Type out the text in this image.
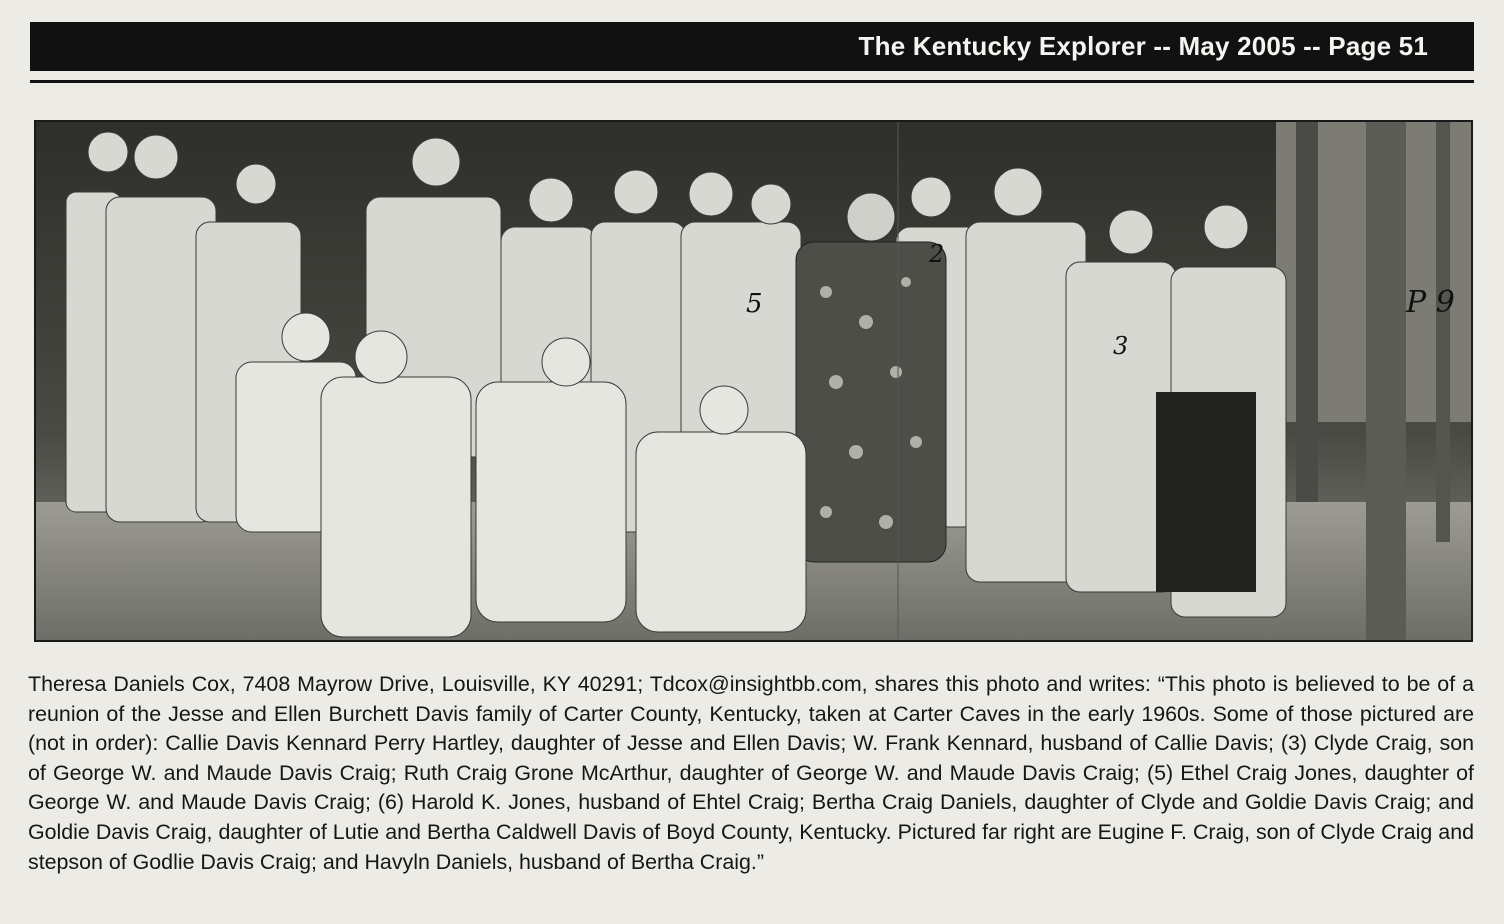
The Kentucky Explorer -- May 2005 -- Page 51
P 9
2
3
5
Theresa Daniels Cox, 7408 Mayrow Drive, Louisville, KY 40291; Tdcox@insightbb.com, shares this photo and writes: “This photo is believed to be of a reunion of the Jesse and Ellen Burchett Davis family of Carter County, Kentucky, taken at Carter Caves in the early 1960s. Some of those pictured are (not in order): Callie Davis Kennard Perry Hartley, daughter of Jesse and Ellen Davis; W. Frank Kennard, husband of Callie Davis; (3) Clyde Craig, son of George W. and Maude Davis Craig; Ruth Craig Grone McArthur, daughter of George W. and Maude Davis Craig; (5) Ethel Craig Jones, daughter of George W. and Maude Davis Craig; (6) Harold K. Jones, husband of Ehtel Craig; Bertha Craig Daniels, daughter of Clyde and Goldie Davis Craig; and Goldie Davis Craig, daughter of Lutie and Bertha Caldwell Davis of Boyd County, Kentucky. Pictured far right are Eugine F. Craig, son of Clyde Craig and stepson of Godlie Davis Craig; and Havyln Daniels, husband of Bertha Craig.”
